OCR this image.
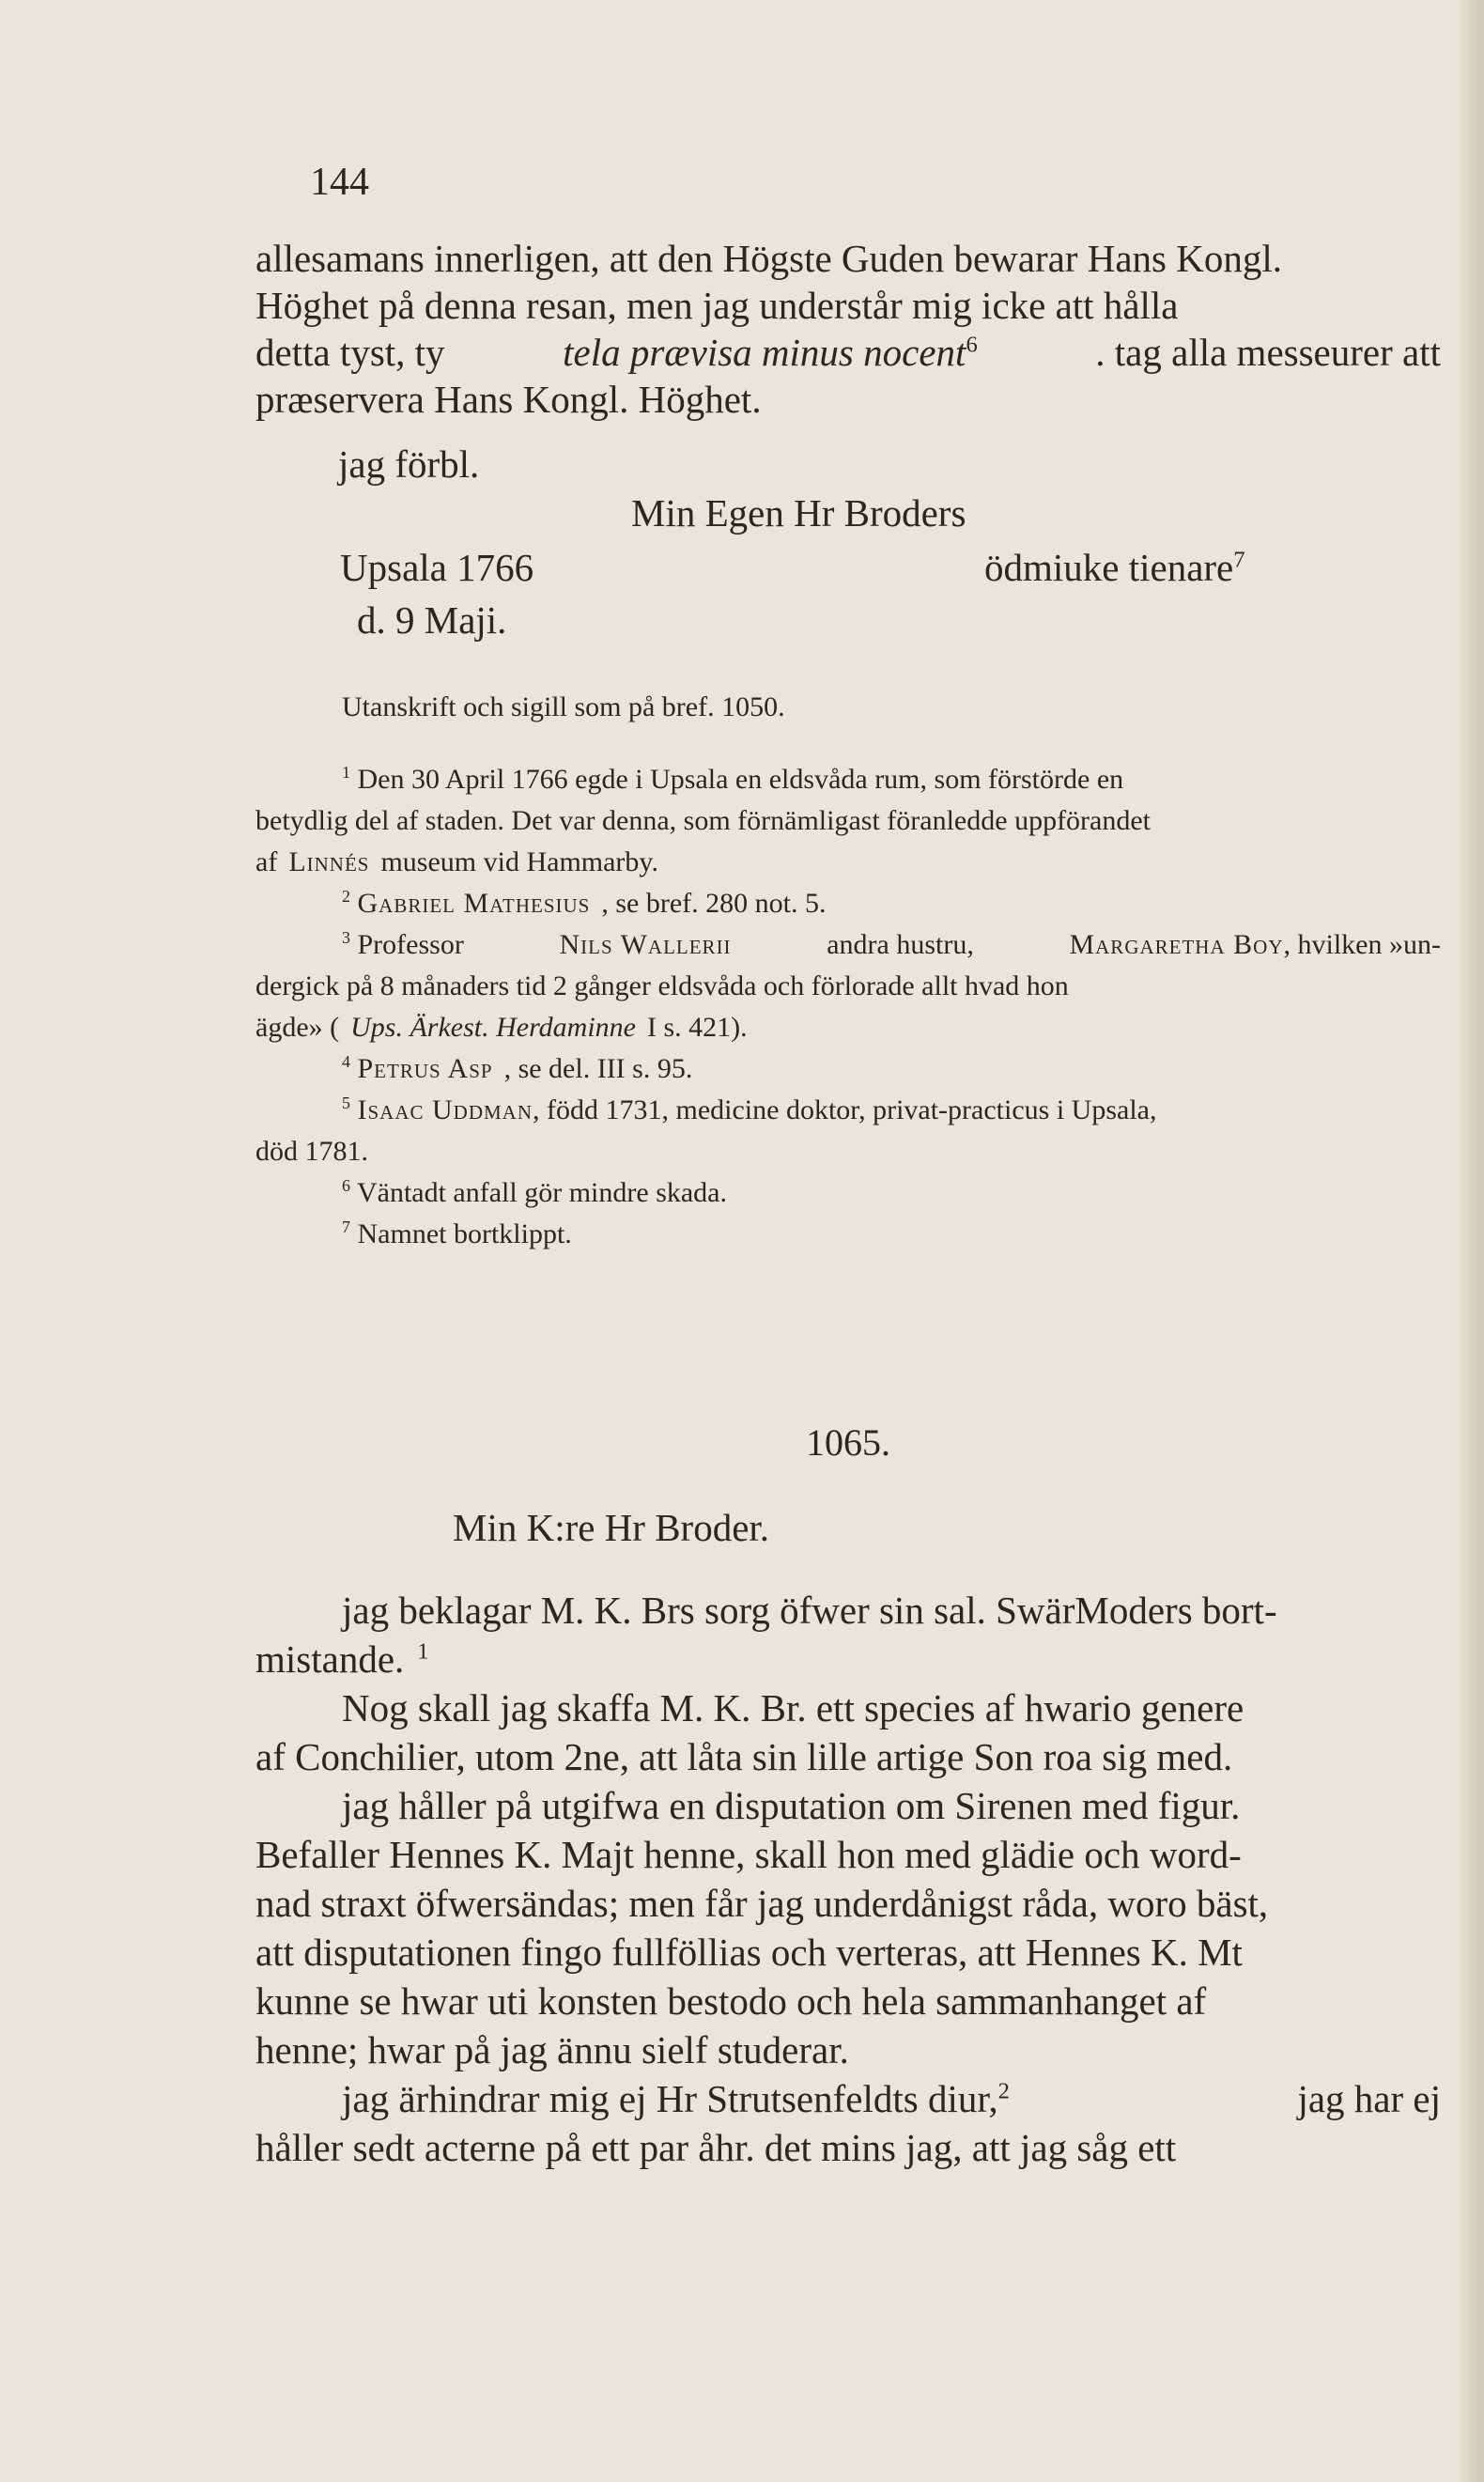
144
allesamans innerligen, att den Högste Guden bewarar Hans Kongl.
Höghet på denna resan, men jag understår mig icke att hålla
detta tyst, ty	tela prævisa minus nocent$^6$	. tag alla messeurer att
præservera Hans Kongl. Höghet.
jag förbl.
Min Egen Hr Broders
Upsala 1766	ödmiuke tienare$^7$
d. 9 Maji.
Utanskrift och sigill som på bref. 1050.
$^1$ Den 30 April 1766 egde i Upsala en eldsvåda rum, som förstörde en
betydlig del af staden. Det var denna, som förnämligast föranledde uppförandet
af Linnés museum vid Hammarby.
$^2$ Gabriel Mathesius , se bref. 280 not. 5.
$^3$ Professor	Nils Wallerii	andra hustru,	Margaretha Boy, hvilken »un-
dergick på 8 månaders tid 2 gånger eldsvåda och förlorade allt hvad hon
ägde» ( Ups. Ärkest. Herdaminne I s. 421).
$^4$ Petrus Asp , se del. III s. 95.
$^5$ Isaac Uddman, född 1731, medicine doktor, privat-practicus i Upsala,
död 1781.
$^6$ Väntadt anfall gör mindre skada.
$^7$ Namnet bortklippt.
1065.
Min K:re Hr Broder.
jag beklagar M. K. Brs sorg öfwer sin sal. SwärModers bort-
mistande. $^1$
Nog skall jag skaffa M. K. Br. ett species af hwario genere
af Conchilier, utom 2ne, att låta sin lille artige Son roa sig med.
jag håller på utgifwa en disputation om Sirenen med figur.
Befaller Hennes K. Majt henne, skall hon med glädie och word-
nad straxt öfwersändas; men får jag underdånigst råda, woro bäst,
att disputationen fingo fullföllias och verteras, att Hennes K. Mt
kunne se hwar uti konsten bestodo och hela sammanhanget af
henne; hwar på jag ännu sielf studerar.
jag ärhindrar mig ej Hr Strutsenfeldts diur,$^2$	jag har ej
håller sedt acterne på ett par åhr. det mins jag, att jag såg ett
